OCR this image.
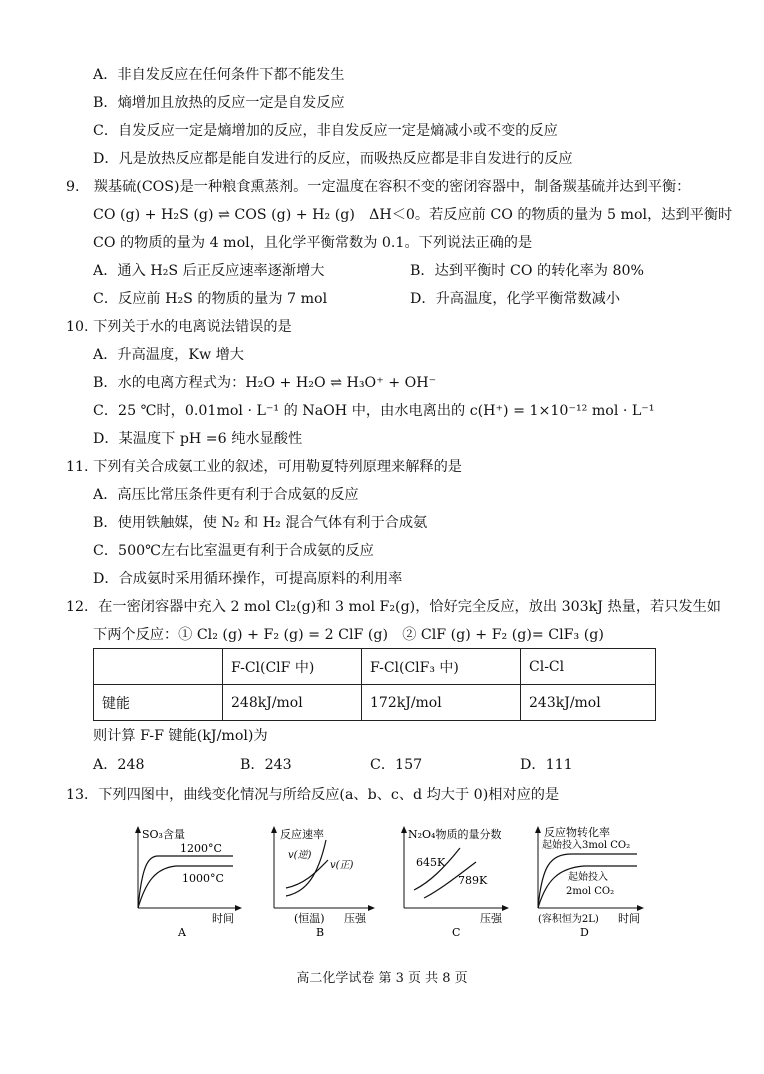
A．非自发反应在任何条件下都不能发生
B．熵增加且放热的反应一定是自发反应
C．自发反应一定是熵增加的反应，非自发反应一定是熵减小或不变的反应
D．凡是放热反应都是能自发进行的反应，而吸热反应都是非自发进行的反应
9.　羰基硫(COS)是一种粮食熏蒸剂。一定温度在容积不变的密闭容器中，制备羰基硫并达到平衡：
CO (g) + H₂S (g) ⇌ COS (g) + H₂ (g)　ΔH＜0。若反应前 CO 的物质的量为 5 mol，达到平衡时
CO 的物质的量为 4 mol，且化学平衡常数为 0.1。下列说法正确的是
A．通入 H₂S 后正反应速率逐渐增大	B．达到平衡时 CO 的转化率为 80%
C．反应前 H₂S 的物质的量为 7 mol	D．升高温度，化学平衡常数减小
10. 下列关于水的电离说法错误的是
A．升高温度，Kw 增大
B．水的电离方程式为：H₂O + H₂O ⇌ H₃O⁺ + OH⁻
C．25 ℃时，0.01mol · L⁻¹ 的 NaOH 中，由水电离出的 c(H⁺) = 1×10⁻¹² mol · L⁻¹
D．某温度下 pH =6 纯水显酸性
11. 下列有关合成氨工业的叙述，可用勒夏特列原理来解释的是
A．高压比常压条件更有利于合成氨的反应
B．使用铁触媒，使 N₂ 和 H₂ 混合气体有利于合成氨
C．500℃左右比室温更有利于合成氨的反应
D．合成氨时采用循环操作，可提高原料的利用率
12．在一密闭容器中充入 2 mol Cl₂(g)和 3 mol F₂(g)，恰好完全反应，放出 303kJ 热量，若只发生如
下两个反应：① Cl₂ (g) + F₂ (g) = 2 ClF (g)　② ClF (g) + F₂ (g)= ClF₃ (g)
	F-Cl(ClF 中)	F-Cl(ClF₃ 中)	Cl-Cl
键能	248kJ/mol	172kJ/mol	243kJ/mol
则计算 F-F 键能(kJ/mol)为
A．248	B．243	C．157	D．111
13．下列四图中，曲线变化情况与所给反应(a、b、c、d 均大于 0)相对应的是
SO₃含量
1200°C
1000°C
时间
A
反应速率
v(逆)
v(正)
(恒温) 压强
B
N₂O₄物质的量分数
645K
789K
压强
C
反应物转化率
起始投入3mol CO₂
起始投入
2mol CO₂
(容积恒为2L) 时间
D
高二化学试卷 第 3 页 共 8 页
